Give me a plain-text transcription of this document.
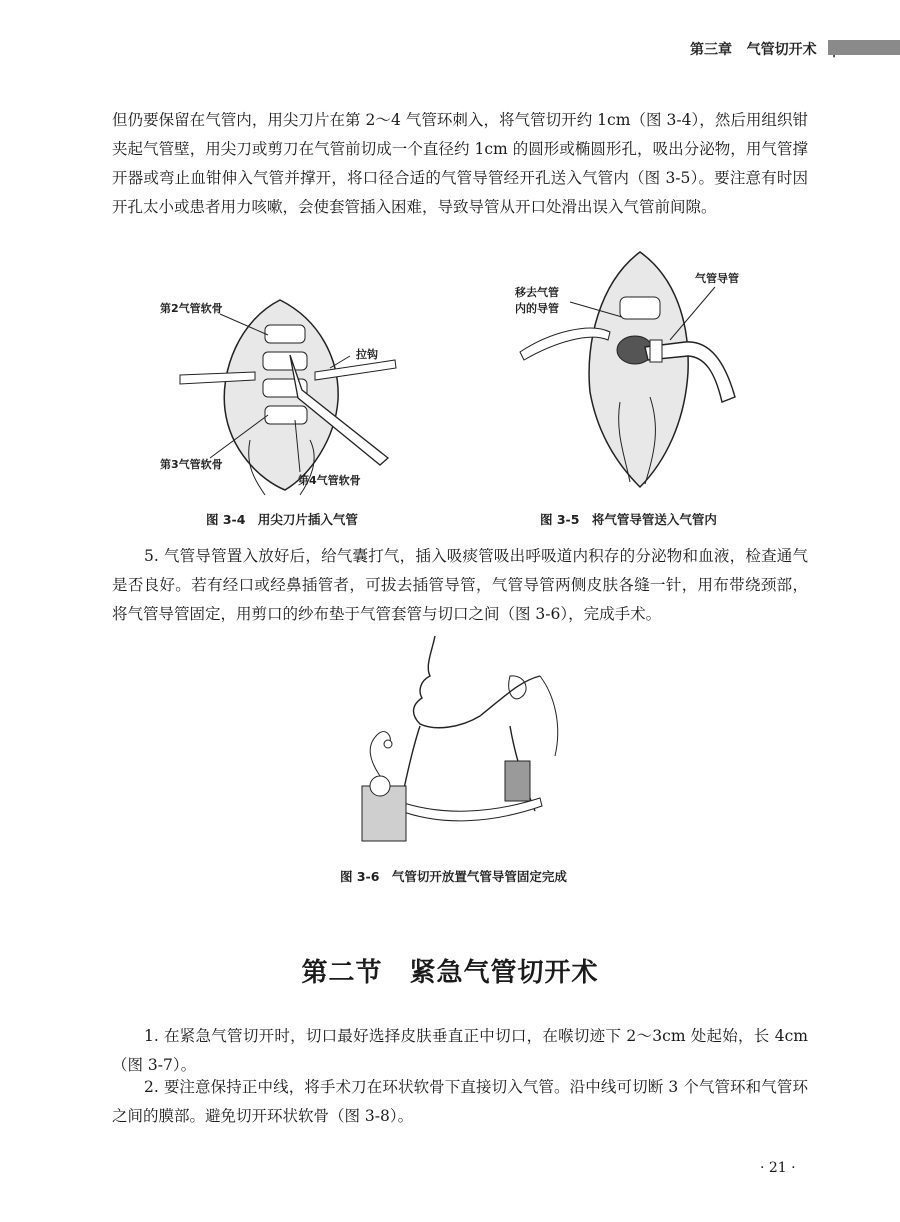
第三章 气管切开术
但仍要保留在气管内，用尖刀片在第 2～4 气管环刺入，将气管切开约 1cm（图 3-4），然后用组织钳夹起气管壁，用尖刀或剪刀在气管前切成一个直径约 1cm 的圆形或椭圆形孔，吸出分泌物，用气管撑开器或弯止血钳伸入气管并撑开，将口径合适的气管导管经开孔送入气管内（图 3-5）。要注意有时因开孔太小或患者用力咳嗽，会使套管插入困难，导致导管从开口处滑出误入气管前间隙。
第2气管软骨
拉钩
第3气管软骨
第4气管软骨
图 3-4　用尖刀片插入气管
移去气管
内的导管
气管导管
图 3-5　将气管导管送入气管内
5. 气管导管置入放好后，给气囊打气，插入吸痰管吸出呼吸道内积存的分泌物和血液，检查通气是否良好。若有经口或经鼻插管者，可拔去插管导管，气管导管两侧皮肤各缝一针，用布带绕颈部，将气管导管固定，用剪口的纱布垫于气管套管与切口之间（图 3-6），完成手术。
图 3-6　气管切开放置气管导管固定完成
第二节　紧急气管切开术
1. 在紧急气管切开时，切口最好选择皮肤垂直正中切口，在喉切迹下 2～3cm 处起始，长 4cm（图 3-7）。
2. 要注意保持正中线，将手术刀在环状软骨下直接切入气管。沿中线可切断 3 个气管环和气管环之间的膜部。避免切开环状软骨（图 3-8）。
· 21 ·
